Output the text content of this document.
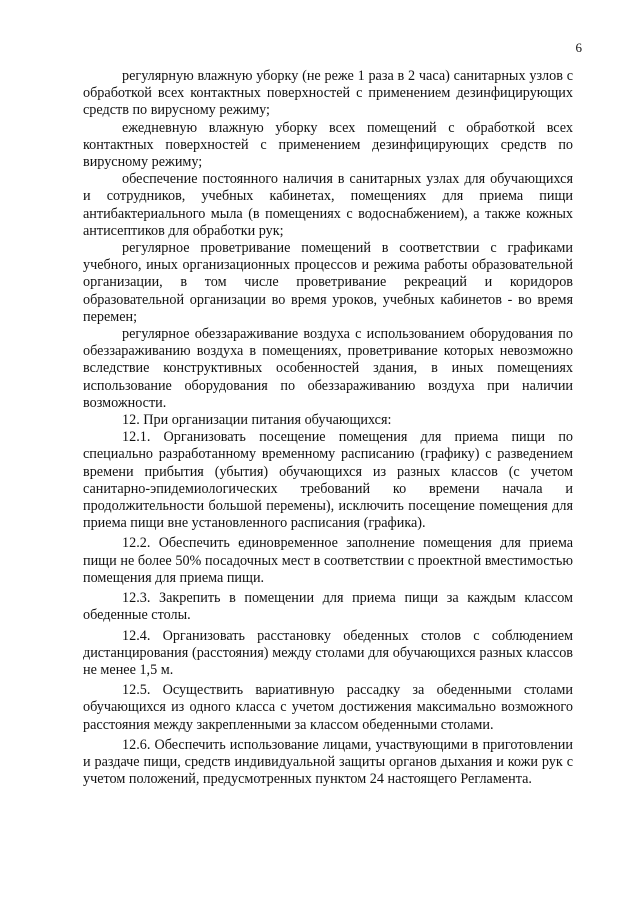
6

регулярную влажную уборку (не реже 1 раза в 2 часа) санитарных узлов с обработкой всех контактных поверхностей с применением дезинфицирующих средств по вирусному режиму;

ежедневную влажную уборку всех помещений с обработкой всех контактных поверхностей с применением дезинфицирующих средств по вирусному режиму;

обеспечение постоянного наличия в санитарных узлах для обучающихся и сотрудников, учебных кабинетах, помещениях для приема пищи антибактериального мыла (в помещениях с водоснабжением), а также кожных антисептиков для обработки рук;

регулярное проветривание помещений в соответствии с графиками учебного, иных организационных процессов и режима работы образовательной организации, в том числе проветривание рекреаций и коридоров образовательной организации во время уроков, учебных кабинетов - во время перемен;

регулярное обеззараживание воздуха с использованием оборудования по обеззараживанию воздуха в помещениях, проветривание которых невозможно вследствие конструктивных особенностей здания, в иных помещениях использование оборудования по обеззараживанию воздуха при наличии возможности.

12. При организации питания обучающихся:

12.1. Организовать посещение помещения для приема пищи по специально разработанному временному расписанию (графику) с разведением времени прибытия (убытия) обучающихся из разных классов (с учетом санитарно-эпидемиологических требований ко времени начала и продолжительности большой перемены), исключить посещение помещения для приема пищи вне установленного расписания (графика).

12.2. Обеспечить единовременное заполнение помещения для приема пищи не более 50% посадочных мест в соответствии с проектной вместимостью помещения для приема пищи.

12.3. Закрепить в помещении для приема пищи за каждым классом обеденные столы.

12.4. Организовать расстановку обеденных столов с соблюдением дистанцирования (расстояния) между столами для обучающихся разных классов не менее 1,5 м.

12.5. Осуществить вариативную рассадку за обеденными столами обучающихся из одного класса с учетом достижения максимально возможного расстояния между закрепленными за классом обеденными столами.

12.6. Обеспечить использование лицами, участвующими в приготовлении и раздаче пищи, средств индивидуальной защиты органов дыхания и кожи рук с учетом положений, предусмотренных пунктом 24 настоящего Регламента.
